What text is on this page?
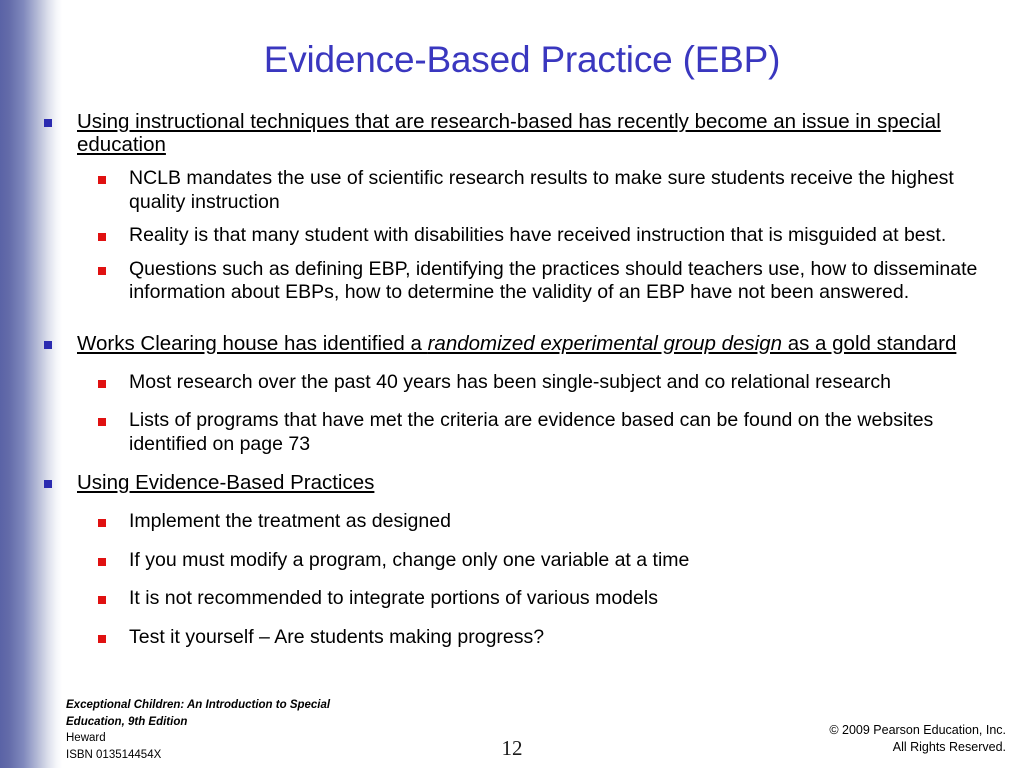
Evidence-Based Practice (EBP)
Using instructional techniques that are research-based has recently become an issue in special education
NCLB mandates the use of scientific research results to make sure students receive the highest quality instruction
Reality is that many student with disabilities have received instruction that is misguided at best.
Questions such as defining EBP, identifying the practices should teachers use, how to disseminate information about EBPs, how to determine the validity of an EBP have not been answered.
Works Clearing house has identified a randomized experimental group design as a gold standard
Most research over the past 40 years has been single-subject and co relational research
Lists of programs that have met the criteria are evidence based can be found on the websites identified on page 73
Using Evidence-Based Practices
Implement the treatment as designed
If you must modify a program, change only one variable at a time
It is not recommended to integrate portions of various models
Test it yourself – Are students making progress?
Exceptional Children: An Introduction to Special
Education, 9th Edition
Heward
ISBN 013514454X
© 2009 Pearson Education, Inc.
All Rights Reserved.
12
